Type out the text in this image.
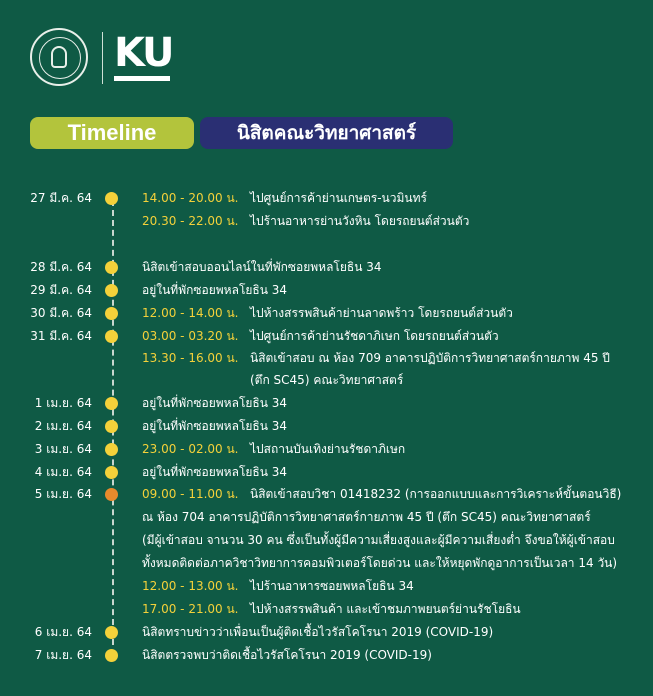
K U
Timeline	นิสิตคณะวิทยาศาสตร์
27 มี.ค. 64	14.00 - 20.00 น. ไปศูนย์การค้าย่านเกษตร-นวมินทร์
20.30 - 22.00 น. ไปร้านอาหารย่านวังหิน โดยรถยนต์ส่วนตัว
28 มี.ค. 64	นิสิตเข้าสอบออนไลน์ในที่พักซอยพหลโยธิน 34
29 มี.ค. 64	อยู่ในที่พักซอยพหลโยธิน 34
30 มี.ค. 64	12.00 - 14.00 น. ไปห้างสรรพสินค้าย่านลาดพร้าว โดยรถยนต์ส่วนตัว
31 มี.ค. 64	03.00 - 03.20 น. ไปศูนย์การค้าย่านรัชดาภิเษก โดยรถยนต์ส่วนตัว
13.30 - 16.00 น. นิสิตเข้าสอบ ณ ห้อง 709 อาคารปฏิบัติการวิทยาศาสตร์กายภาพ 45 ปี
(ตึก SC45) คณะวิทยาศาสตร์
1 เม.ย. 64	อยู่ในที่พักซอยพหลโยธิน 34
2 เม.ย. 64	อยู่ในที่พักซอยพหลโยธิน 34
3 เม.ย. 64	23.00 - 02.00 น. ไปสถานบันเทิงย่านรัชดาภิเษก
4 เม.ย. 64	อยู่ในที่พักซอยพหลโยธิน 34
5 เม.ย. 64	09.00 - 11.00 น. นิสิตเข้าสอบวิชา 01418232 (การออกแบบและการวิเคราะห์ขั้นตอนวิธี)
ณ ห้อง 704 อาคารปฏิบัติการวิทยาศาสตร์กายภาพ 45 ปี (ตึก SC45) คณะวิทยาศาสตร์
(มีผู้เข้าสอบ จานวน 30 คน ซึ่งเป็นทั้งผู้มีความเสี่ยงสูงและผู้มีความเสี่ยงต่ำ จึงขอให้ผู้เข้าสอบ
ทั้งหมดติดต่อภาควิชาวิทยาการคอมพิวเตอร์โดยด่วน และให้หยุดพักดูอาการเป็นเวลา 14 วัน)
12.00 - 13.00 น. ไปร้านอาหารซอยพหลโยธิน 34
17.00 - 21.00 น. ไปห้างสรรพสินค้า และเข้าชมภาพยนตร์ย่านรัชโยธิน
6 เม.ย. 64	นิสิตทราบข่าวว่าเพื่อนเป็นผู้ติดเชื้อไวรัสโคโรนา 2019 (COVID-19)
7 เม.ย. 64	นิสิตตรวจพบว่าติดเชื้อไวรัสโคโรนา 2019 (COVID-19)
